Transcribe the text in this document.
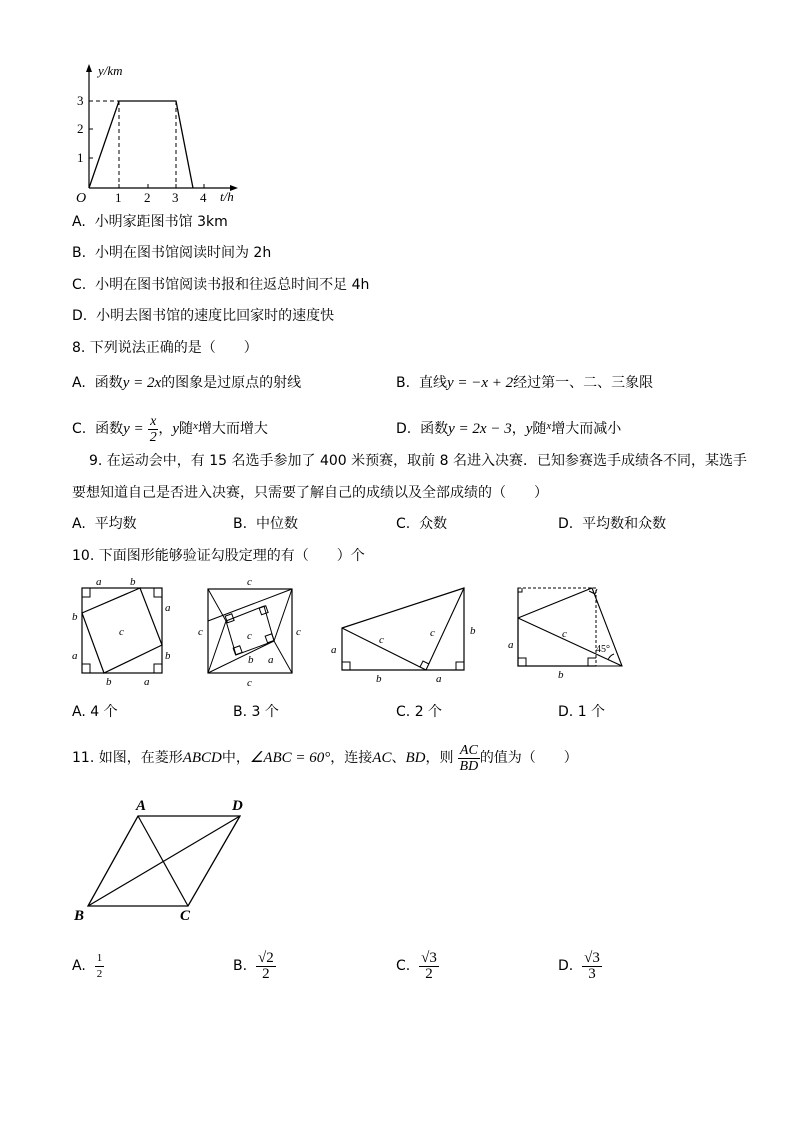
y/km
t/h
O
3
2
1
1 2 3 4
A. 小明家距图书馆 3km
B. 小明在图书馆阅读时间为 2h
C. 小明在图书馆阅读书报和往返总时间不足 4h
D. 小明去图书馆的速度比回家时的速度快
8. 下列说法正确的是（　　）
A. 函数y = 2x的图象是过原点的射线	B. 直线y = −x + 2经过第一、二、三象限
C. 函数$y = \frac{x}{2}$ ，y随$^x$增大而增大	D. 函数y = 2x − 3，y随$^x$增大而减小
9. 在运动会中，有 15 名选手参加了 400 米预赛，取前 8 名进入决赛．已知参赛选手成绩各不同，某选手
要想知道自己是否进入决赛，只需要了解自己的成绩以及全部成绩的（　　）
A. 平均数	B. 中位数	C. 众数	D. 平均数和众数
10. 下面图形能够验证勾股定理的有（　　）个
a	b
a
b
b
a
b	a
c
c
c	c
c
c
b a
a
b	a
b
c
c
a
b
c
45°
A. 4 个	B. 3 个	C. 2 个	D. 1 个
11. 如图，在菱形ABCD中，∠ABC = 60°，连接AC、BD，则 $\frac{AC}{BD}$ 的值为（　　）
A	D
B	C
A. $\frac{1}{2}$	B. $\frac{√2}{2}$	C. $\frac{√3}{2}$	D. $\frac{√3}{3}$
